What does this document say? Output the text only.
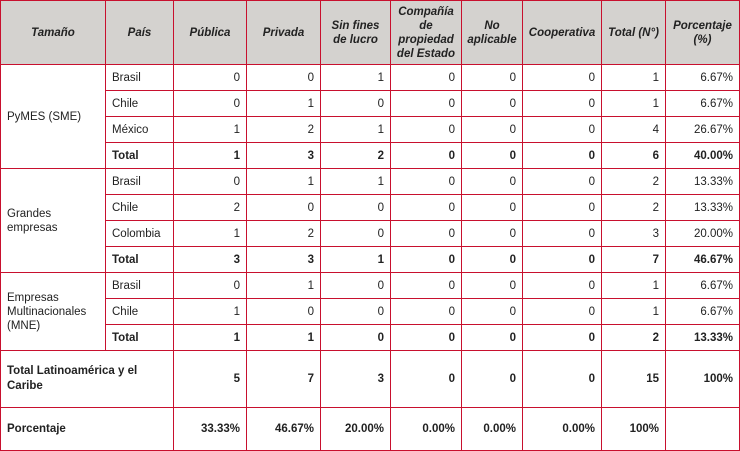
Tamaño	País	Pública	Privada	Sin fines de lucro	Compañía de propiedad del Estado	No aplicable	Cooperativa	Total (N°)	Porcentaje (%)
PyMES (SME)	Brasil	0	0	1	0	0	0	1	6.67%
	Chile	0	1	0	0	0	0	1	6.67%
	México	1	2	1	0	0	0	4	26.67%
	Total	1	3	2	0	0	0	6	40.00%
Grandes empresas	Brasil	0	1	1	0	0	0	2	13.33%
	Chile	2	0	0	0	0	0	2	13.33%
	Colombia	1	2	0	0	0	0	3	20.00%
	Total	3	3	1	0	0	0	7	46.67%
Empresas Multinacionales (MNE)	Brasil	0	1	0	0	0	0	1	6.67%
	Chile	1	0	0	0	0	0	1	6.67%
	Total	1	1	0	0	0	0	2	13.33%
Total Latinoamérica y el Caribe		5	7	3	0	0	0	15	100%
Porcentaje		33.33%	46.67%	20.00%	0.00%	0.00%	0.00%	100%	
